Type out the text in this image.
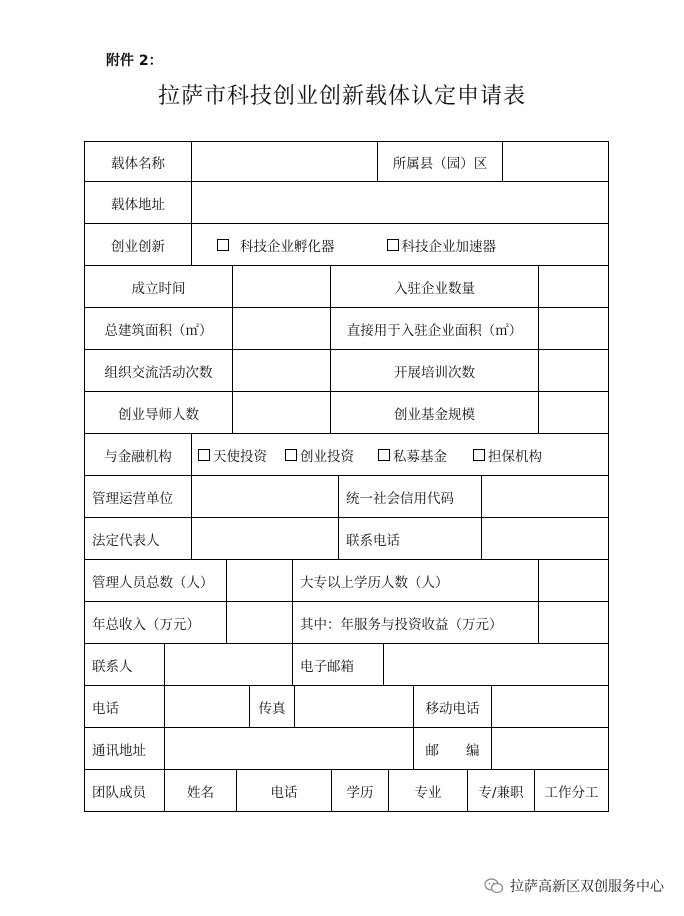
附件 2：
拉萨市科技创业创新载体认定申请表
载体名称	所属县（园）区
载体地址
创业创新	科技企业孵化器	科技企业加速器
成立时间	入驻企业数量
总建筑面积（㎡）	直接用于入驻企业面积（㎡）
组织交流活动次数	开展培训次数
创业导师人数	创业基金规模
与金融机构	天使投资 创业投资	私募基金	担保机构
管理运营单位	统一社会信用代码
法定代表人	联系电话
管理人员总数（人）	大专以上学历人数（人）
年总收入（万元）	其中：年服务与投资收益（万元）
联系人	电子邮箱
电话	传真	移动电话
通讯地址	邮　　编
团队成员	姓名	电话	学历	专业	专/兼职	工作分工
拉萨高新区双创服务中心
